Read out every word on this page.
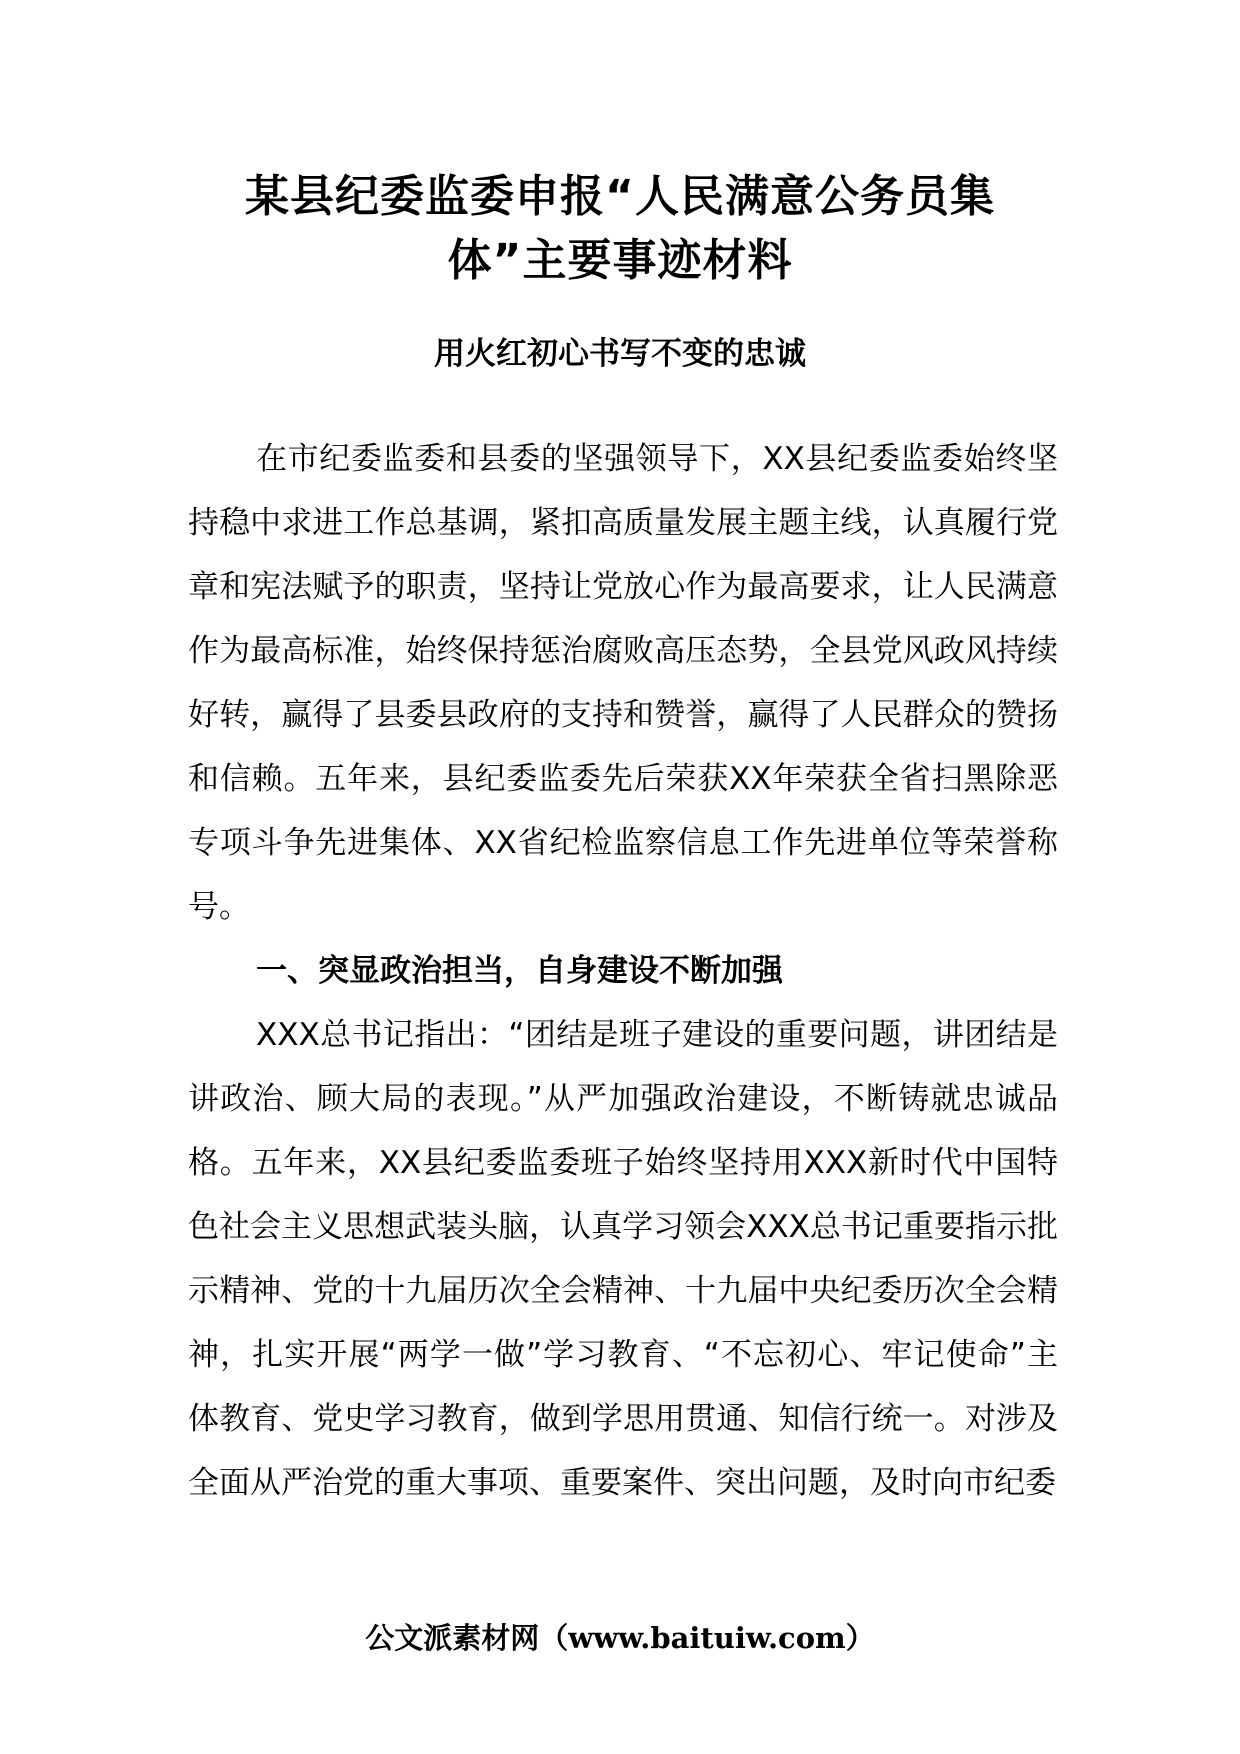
某县纪委监委申报“人民满意公务员集
体”主要事迹材料
用火红初心书写不变的忠诚

在市纪委监委和县委的坚强领导下，XX县纪委监委始终坚持稳中求进工作总基调，紧扣高质量发展主题主线，认真履行党章和宪法赋予的职责，坚持让党放心作为最高要求，让人民满意作为最高标准，始终保持惩治腐败高压态势，全县党风政风持续好转，赢得了县委县政府的支持和赞誉，赢得了人民群众的赞扬和信赖。五年来，县纪委监委先后荣获XX年荣获全省扫黑除恶专项斗争先进集体、XX省纪检监察信息工作先进单位等荣誉称号。

一、突显政治担当，自身建设不断加强

XXX总书记指出：“团结是班子建设的重要问题，讲团结是讲政治、顾大局的表现。”从严加强政治建设，不断铸就忠诚品格。五年来，XX县纪委监委班子始终坚持用XXX新时代中国特色社会主义思想武装头脑，认真学习领会XXX总书记重要指示批示精神、党的十九届历次全会精神、十九届中央纪委历次全会精神，扎实开展“两学一做”学习教育、“不忘初心、牢记使命”主体教育、党史学习教育，做到学思用贯通、知信行统一。对涉及全面从严治党的重大事项、重要案件、突出问题，及时向市纪委

公文派素材网（www.baituiw.com）
